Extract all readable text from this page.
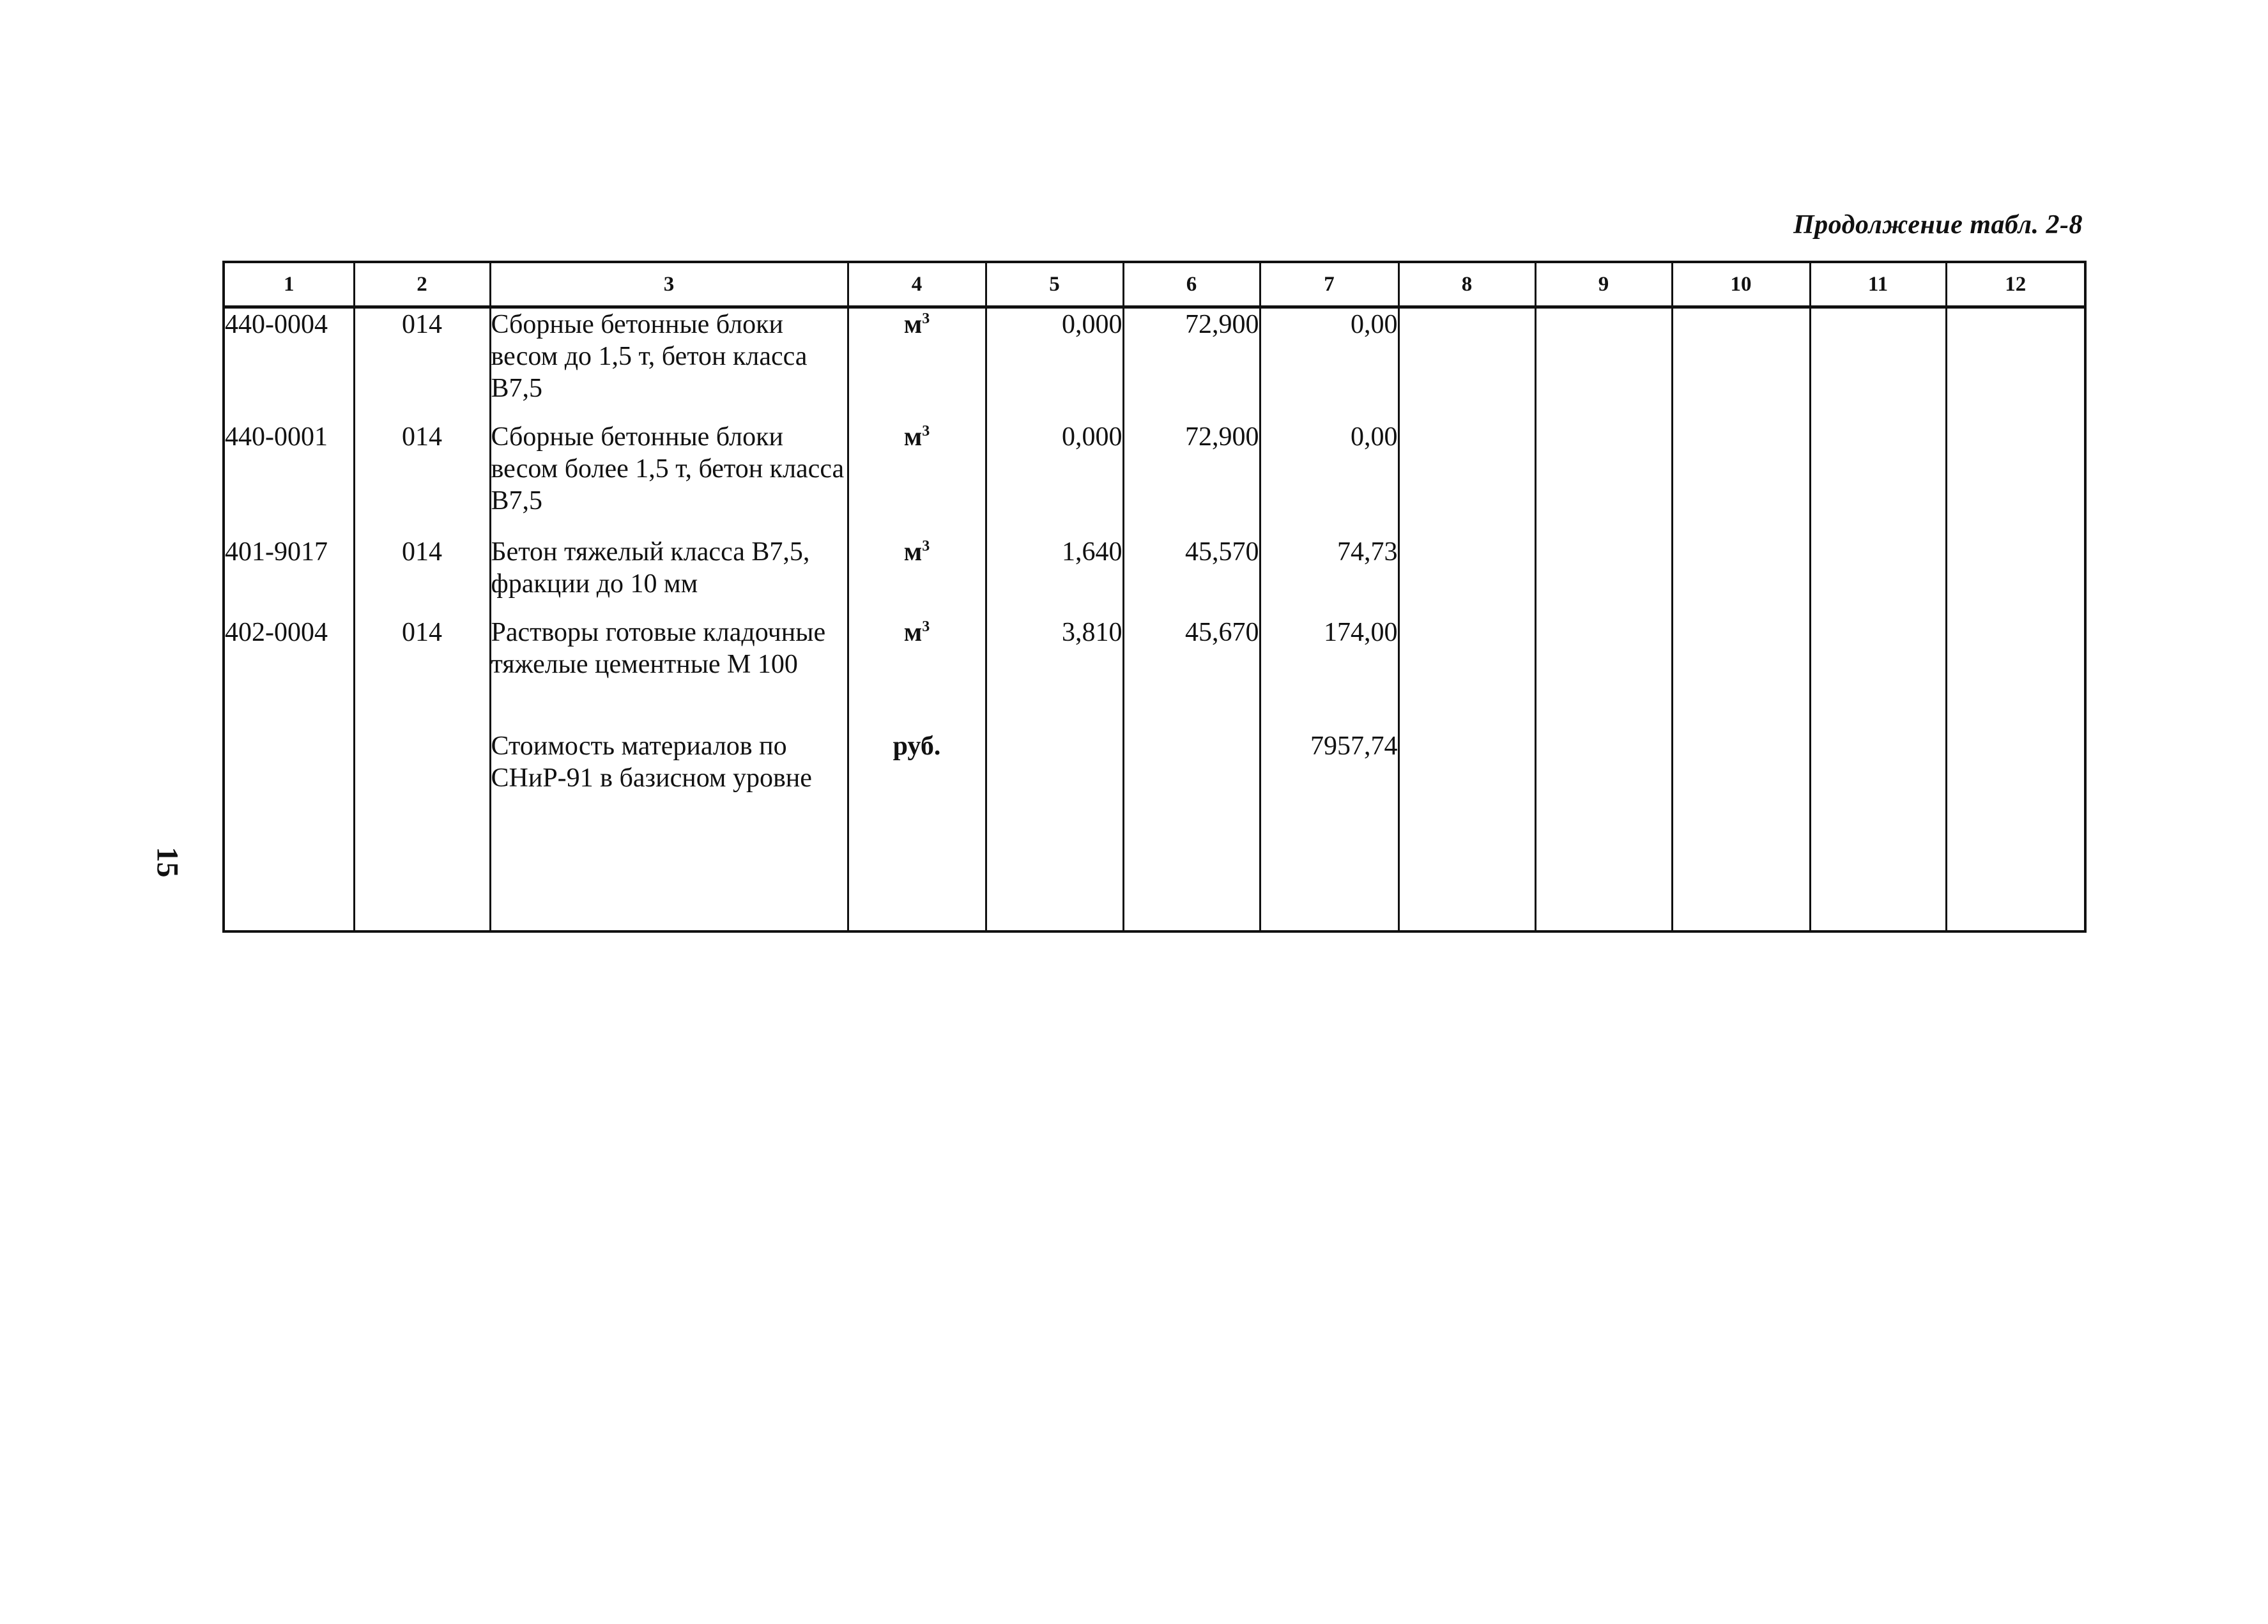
Продолжение табл. 2-8
15
1	2	3	4	5	6	7	8	9	10	11	12
440-0004	014	Сборные бетонные блоки весом до 1,5 т, бетон класса В7,5	$м^3$	0,000	72,900	0,00					
440-0001	014	Сборные бетонные блоки весом более 1,5 т, бетон класса В7,5	$м^3$	0,000	72,900	0,00					
401-9017	014	Бетон тяжелый класса В7,5, фракции до 10 мм	$м^3$	1,640	45,570	74,73					
402-0004	014	Растворы готовые кладочные тяжелые цементные М 100	$м^3$	3,810	45,670	174,00					
		Стоимость материалов по СНиР-91 в базисном уровне	руб.			7957,74					
